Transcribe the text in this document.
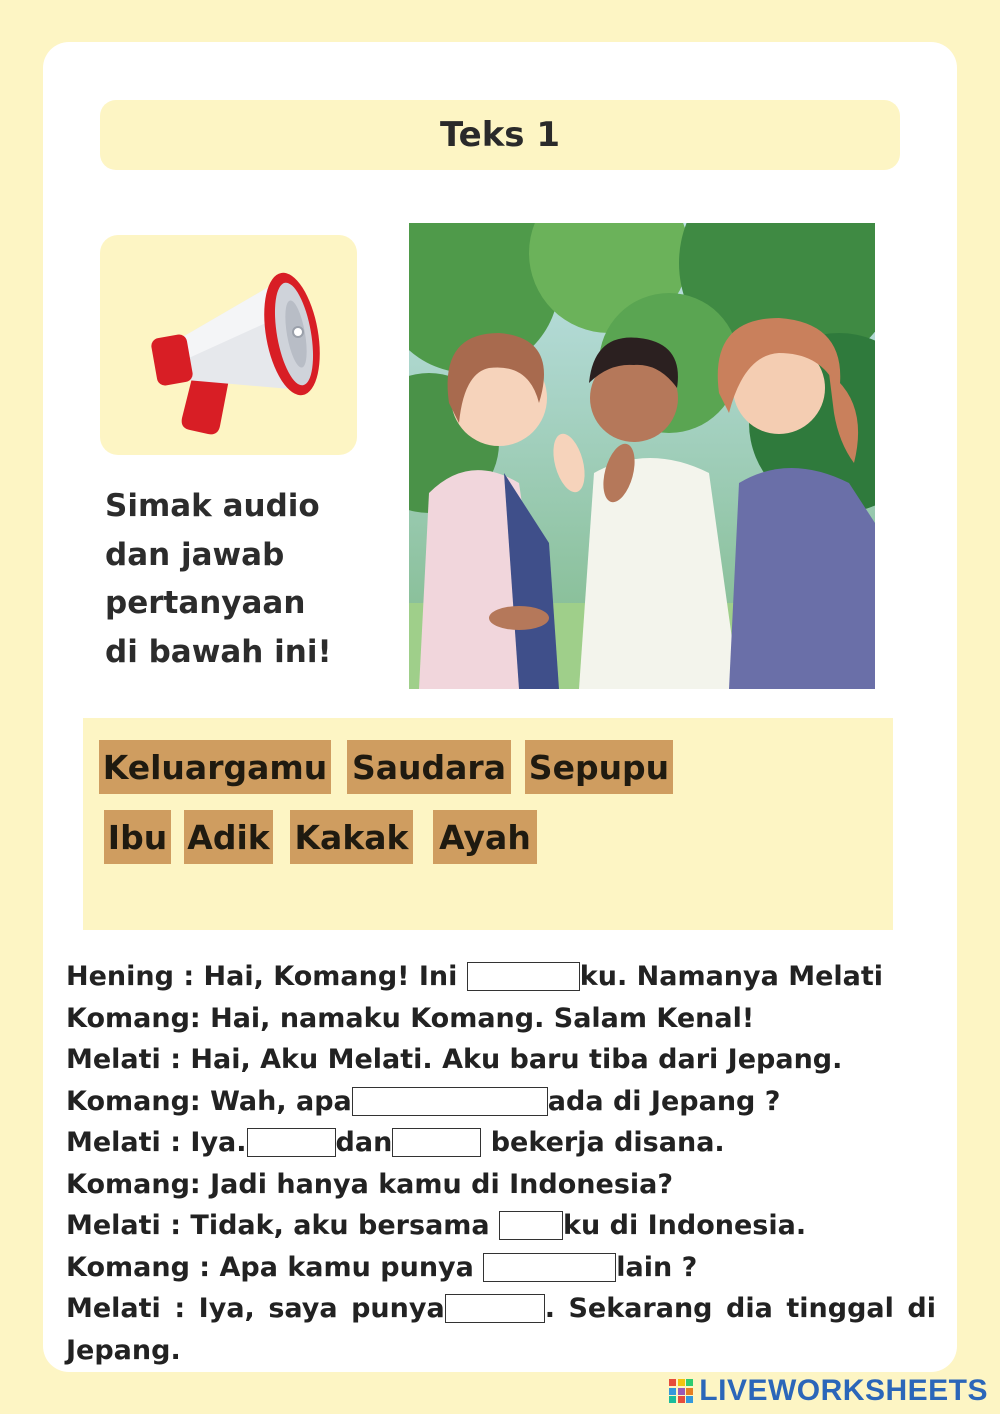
Teks 1
Simak audio
dan jawab
pertanyaan
di bawah ini!
Keluargamu Saudara Sepupu
Ibu Adik Kakak Ayah
Hening : Hai, Komang! Ini	ku. Namanya Melati
Komang: Hai, namaku Komang. Salam Kenal!
Melati : Hai, Aku Melati. Aku baru tiba dari Jepang.
Komang: Wah, apa	ada di Jepang ?
Melati : Iya.	dan	bekerja disana.
Komang: Jadi hanya kamu di Indonesia?
Melati : Tidak, aku bersama ku di Indonesia.
Komang : Apa kamu punya	lain ?
Melati : Iya, saya punya	. Sekarang dia tinggal di
Jepang.
LIVEWORKSHEETS
